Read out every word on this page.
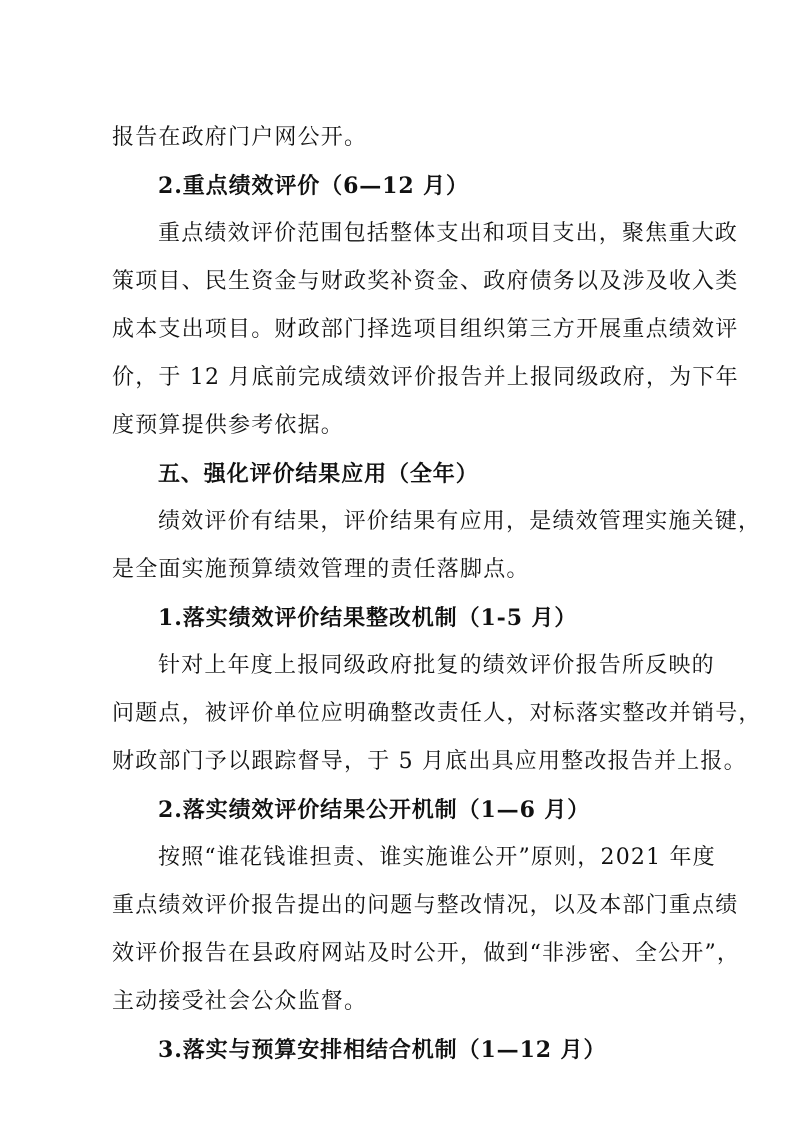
报告在政府门户网公开。
2.重点绩效评价（6—12 月）
重点绩效评价范围包括整体支出和项目支出，聚焦重大政
策项目、民生资金与财政奖补资金、政府债务以及涉及收入类
成本支出项目。财政部门择选项目组织第三方开展重点绩效评
价，于 12 月底前完成绩效评价报告并上报同级政府，为下年
度预算提供参考依据。
五、强化评价结果应用（全年）
绩效评价有结果，评价结果有应用，是绩效管理实施关键，
是全面实施预算绩效管理的责任落脚点。
1.落实绩效评价结果整改机制（1-5 月）
针对上年度上报同级政府批复的绩效评价报告所反映的
问题点，被评价单位应明确整改责任人，对标落实整改并销号，
财政部门予以跟踪督导，于 5 月底出具应用整改报告并上报。
2.落实绩效评价结果公开机制（1—6 月）
按照“谁花钱谁担责、谁实施谁公开”原则，2021 年度
重点绩效评价报告提出的问题与整改情况，以及本部门重点绩
效评价报告在县政府网站及时公开，做到“非涉密、全公开”，
主动接受社会公众监督。
3.落实与预算安排相结合机制（1—12 月）
